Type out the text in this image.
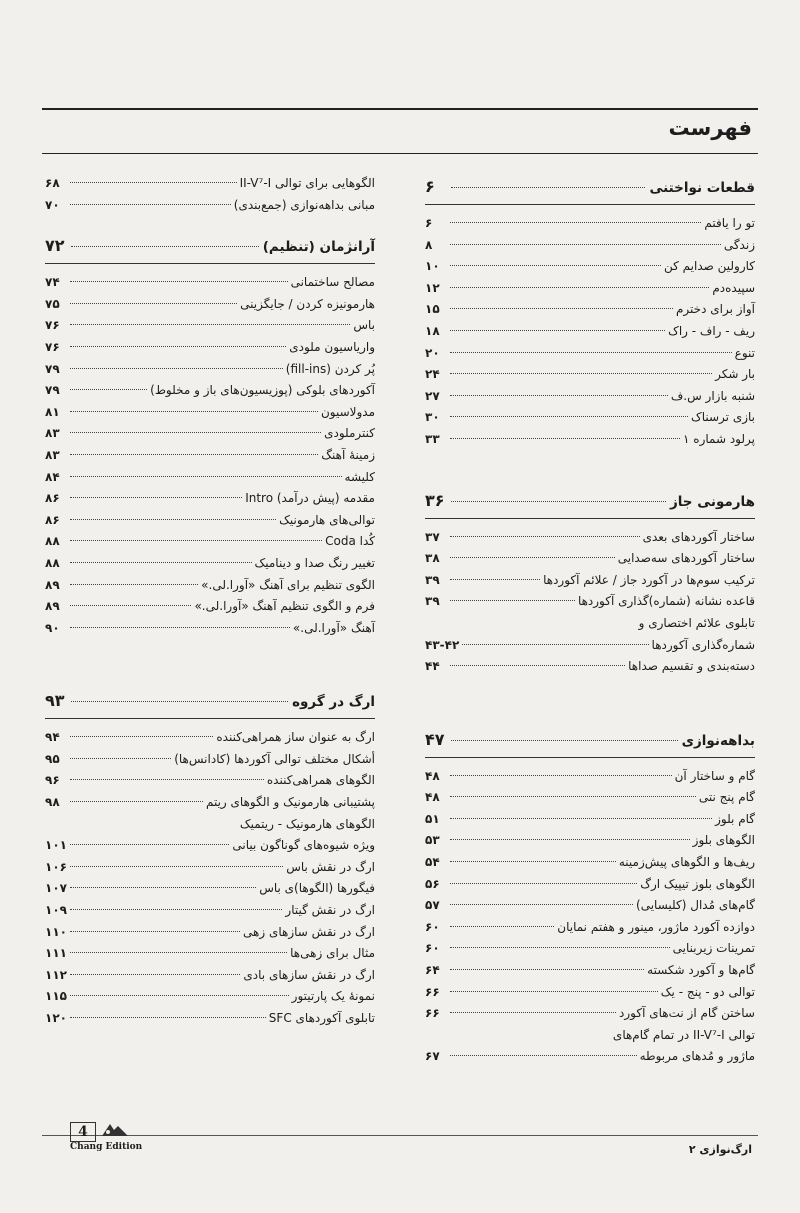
فهرست
قطعات نواختنی
۶
تو را یافتم
۶
زندگی
۸
کارولین صدایم کن
۱۰
سپیده‌دم
۱۲
آواز برای دخترم
۱۵
ریف - راف - راک
۱۸
تنوع
۲۰
بار شکر
۲۴
شنبه بازار س.ف
۲۷
بازی ترسناک
۳۰
پرلود شماره ۱
۳۳
هارمونی جاز
۳۶
ساختار آکوردهای بعدی
۳۷
ساختار آکوردهای سه‌صدایی
۳۸
ترکیب سوم‌ها در آکورد جاز / علائم آکوردها
۳۹
قاعده نشانه (شماره)گذاری آکوردها
۳۹
تابلوی علائم اختصاری و
شماره‌گذاری آکوردها
۴۳-۴۲
دسته‌بندی و تقسیم صداها
۴۴
بداهه‌نوازی
۴۷
گام و ساختار آن
۴۸
گام پنج نتی
۴۸
گام بلوز
۵۱
الگوهای بلوز
۵۳
ریف‌ها و الگوهای پیش‌زمینه
۵۴
الگوهای بلوز تیپیک ارگ
۵۶
گام‌های مُدال (کلیسایی)
۵۷
دوازده آکورد ماژور، مینور و هفتم نمایان
۶۰
تمرینات زیربنایی
۶۰
گام‌ها و آکورد شکسته
۶۴
توالی دو - پنج - یک
۶۶
ساختن گام از نت‌های آکورد
۶۶
توالی II-V⁷-I در تمام گام‌های
ماژور و مُدهای مربوطه
۶۷
الگوهایی برای توالی II-V⁷-I
۶۸
مبانی بداهه‌نوازی (جمع‌بندی)
۷۰
آرانژمان (تنظیم)
۷۲
مصالح ساختمانی
۷۴
هارمونیزه کردن / جایگزینی
۷۵
باس
۷۶
واریاسیون ملودی
۷۶
پُر کردن (fill-ins)
۷۹
آکوردهای بلوکی (پوزیسیون‌های باز و مخلوط)
۷۹
مدولاسیون
۸۱
کنترملودی
۸۳
زمینهٔ آهنگ
۸۳
کلیشه
۸۴
مقدمه (پیش درآمد) Intro
۸۶
توالی‌های هارمونیک
۸۶
کُدا Coda
۸۸
تغییر رنگ صدا و دینامیک
۸۸
الگوی تنظیم برای آهنگ «آورا.لی.»
۸۹
فرم و الگوی تنظیم آهنگ «آورا.لی.»
۸۹
آهنگ «آورا.لی.»
۹۰
ارگ در گروه
۹۳
ارگ به عنوان ساز همراهی‌کننده
۹۴
أشکال مختلف توالی آکوردها (کادانس‌ها)
۹۵
الگوهای همراهی‌کننده
۹۶
پشتیبانی هارمونیک و الگوهای ریتم
۹۸
الگوهای هارمونیک - ریتمیک
ویژه شیوه‌های گوناگون بیانی
۱۰۱
ارگ در نقش باس
۱۰۶
فیگورها (الگوها)ی باس
۱۰۷
ارگ در نقش گیتار
۱۰۹
ارگ در نقش سازهای زهی
۱۱۰
مثال برای زهی‌ها
۱۱۱
ارگ در نقش سازهای بادی
۱۱۲
نمونهٔ یک پارتیتور
۱۱۵
تابلوی آکوردهای SFC
۱۲۰
4
Chang Edition	ارگ‌نوازی ۲
